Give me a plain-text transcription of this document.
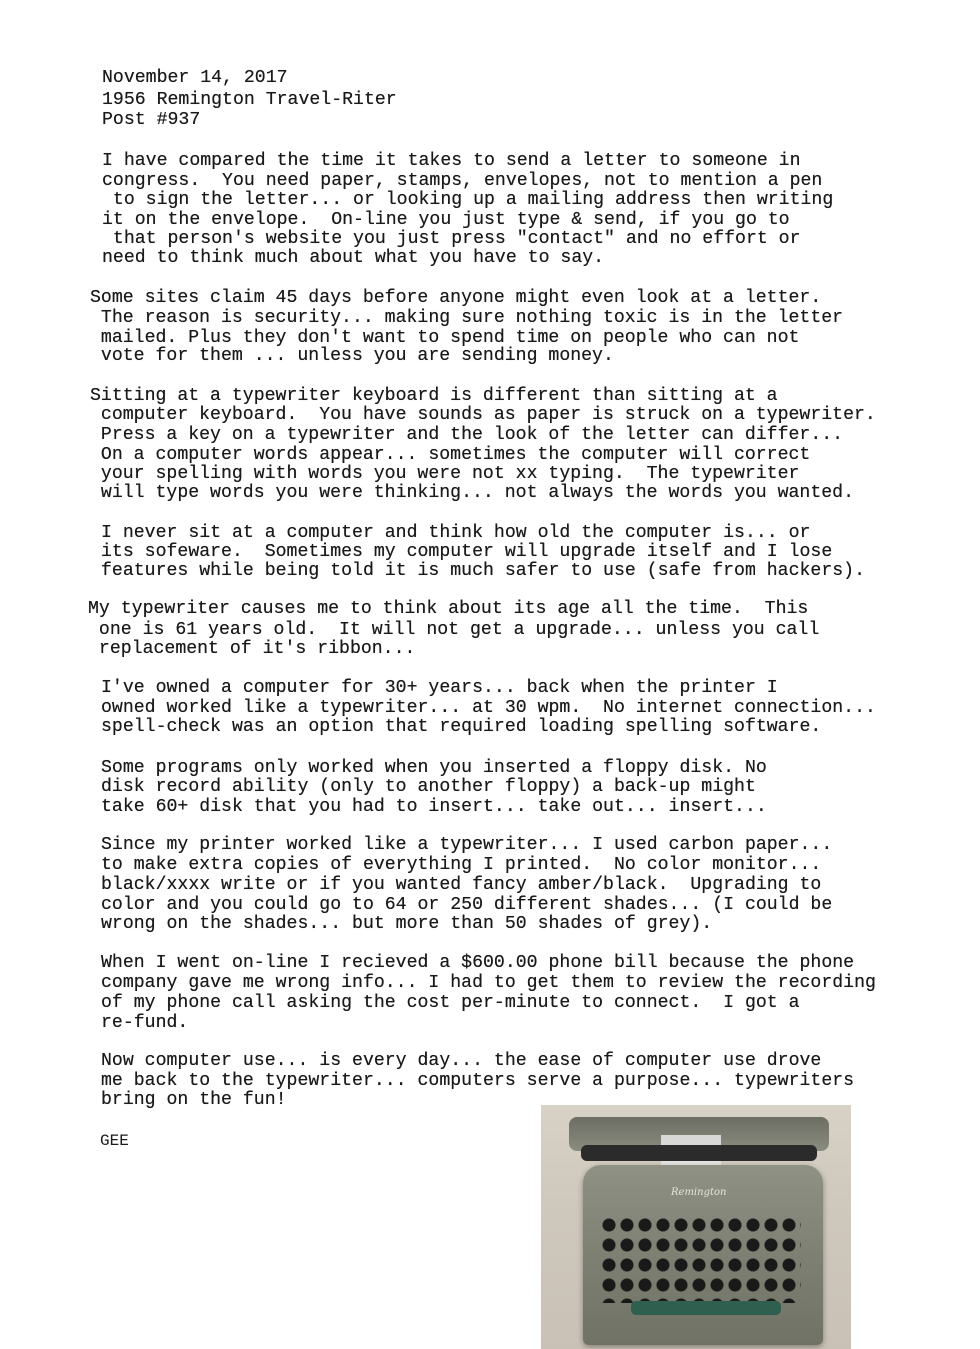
November 14, 2017
1956 Remington Travel-Riter
Post #937
I have compared the time it takes to send a letter to someone in
congress.  You need paper, stamps, envelopes, not to mention a pen
to sign the letter... or looking up a mailing address then writing
it on the envelope.  On-line you just type & send, if you go to
that person's website you just press "contact" and no effort or
need to think much about what you have to say.
Some sites claim 45 days before anyone might even look at a letter.
The reason is security... making sure nothing toxic is in the letter
mailed. Plus they don't want to spend time on people who can not
vote for them ... unless you are sending money.
Sitting at a typewriter keyboard is different than sitting at a
computer keyboard.  You have sounds as paper is struck on a typewriter.
Press a key on a typewriter and the look of the letter can differ...
On a computer words appear... sometimes the computer will correct
your spelling with words you were not xx typing.  The typewriter
will type words you were thinking... not always the words you wanted.
I never sit at a computer and think how old the computer is... or
its sofeware.  Sometimes my computer will upgrade itself and I lose
features while being told it is much safer to use (safe from hackers).
My typewriter causes me to think about its age all the time.  This
one is 61 years old.  It will not get a upgrade... unless you call
replacement of it's ribbon...
I've owned a computer for 30+ years... back when the printer I
owned worked like a typewriter... at 30 wpm.  No internet connection...
spell-check was an option that required loading spelling software.
Some programs only worked when you inserted a floppy disk. No
disk record ability (only to another floppy) a back-up might
take 60+ disk that you had to insert... take out... insert...
Since my printer worked like a typewriter... I used carbon paper...
to make extra copies of everything I printed.  No color monitor...
black/xxxx write or if you wanted fancy amber/black.  Upgrading to
color and you could go to 64 or 250 different shades... (I could be
wrong on the shades... but more than 50 shades of grey).
When I went on-line I recieved a $600.00 phone bill because the phone
company gave me wrong info... I had to get them to review the recording
of my phone call asking the cost per-minute to connect.  I got a
re-fund.
Now computer use... is every day... the ease of computer use drove
me back to the typewriter... computers serve a purpose... typewriters
bring on the fun!
GEE
Remington
